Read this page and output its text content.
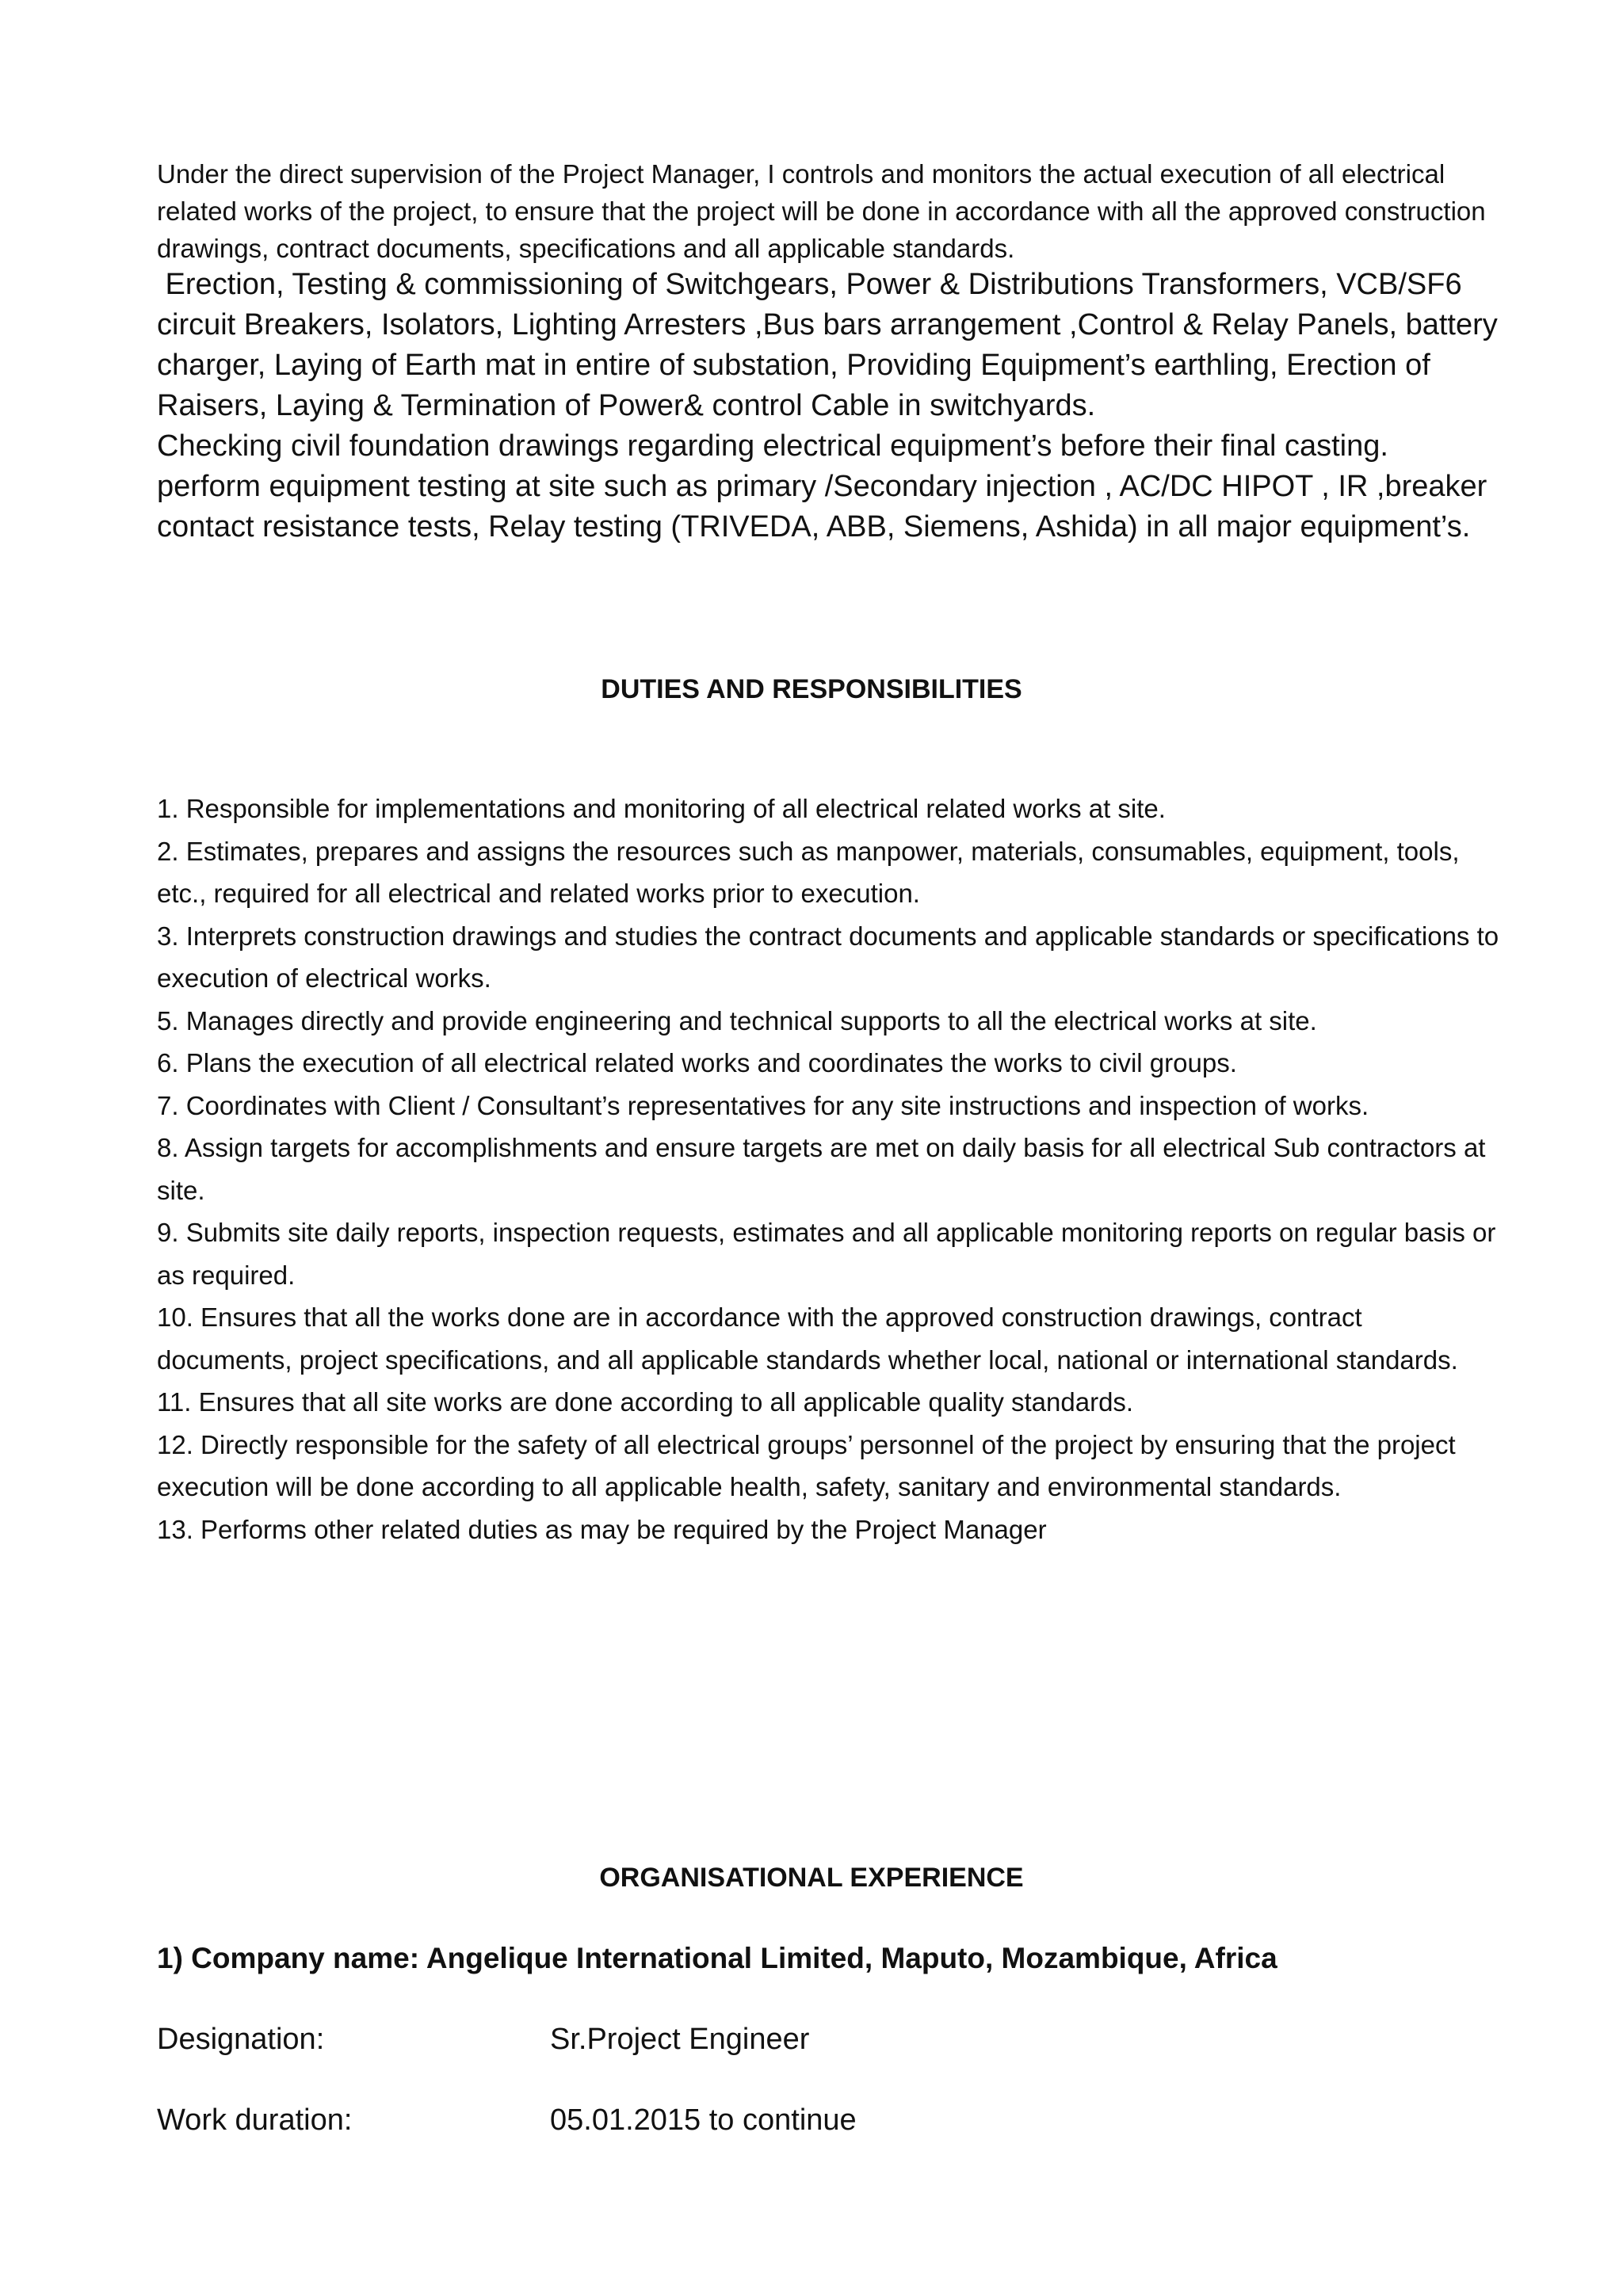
Under the direct supervision of the Project Manager, I controls and monitors the actual execution of all electrical related works of the project, to ensure that the project will be done in accordance with all the approved construction drawings, contract documents, specifications and all applicable standards.

Erection, Testing & commissioning of Switchgears, Power & Distributions Transformers, VCB/SF6 circuit Breakers, Isolators, Lighting Arresters ,Bus bars arrangement ,Control & Relay Panels, battery charger, Laying of Earth mat in entire of substation, Providing Equipment’s earthling, Erection of Raisers, Laying & Termination of Power& control Cable in switchyards.

Checking civil foundation drawings regarding electrical equipment’s before their final casting.

perform equipment testing at site such as primary /Secondary injection , AC/DC HIPOT , IR ,breaker contact resistance tests, Relay testing (TRIVEDA, ABB, Siemens, Ashida) in all major equipment’s.

DUTIES AND RESPONSIBILITIES
1. Responsible for implementations and monitoring of all electrical related works at site.
2. Estimates, prepares and assigns the resources such as manpower, materials, consumables, equipment, tools, etc., required for all electrical and related works prior to execution.
3. Interprets construction drawings and studies the contract documents and applicable standards or specifications to execution of electrical works.
5. Manages directly and provide engineering and technical supports to all the electrical works at site.
6. Plans the execution of all electrical related works and coordinates the works to civil groups.
7. Coordinates with Client / Consultant’s representatives for any site instructions and inspection of works.
8. Assign targets for accomplishments and ensure targets are met on daily basis for all electrical Sub contractors at site.
9. Submits site daily reports, inspection requests, estimates and all applicable monitoring reports on regular basis or as required.
10. Ensures that all the works done are in accordance with the approved construction drawings, contract documents, project specifications, and all applicable standards whether local, national or international standards.
11. Ensures that all site works are done according to all applicable quality standards.
12. Directly responsible for the safety of all electrical groups’ personnel of the project by ensuring that the project execution will be done according to all applicable health, safety, sanitary and environmental standards.
13. Performs other related duties as may be required by the Project Manager
ORGANISATIONAL EXPERIENCE
1) Company name: Angelique International Limited, Maputo, Mozambique, Africa
Designation:	Sr.Project Engineer
Work duration:	05.01.2015 to continue
